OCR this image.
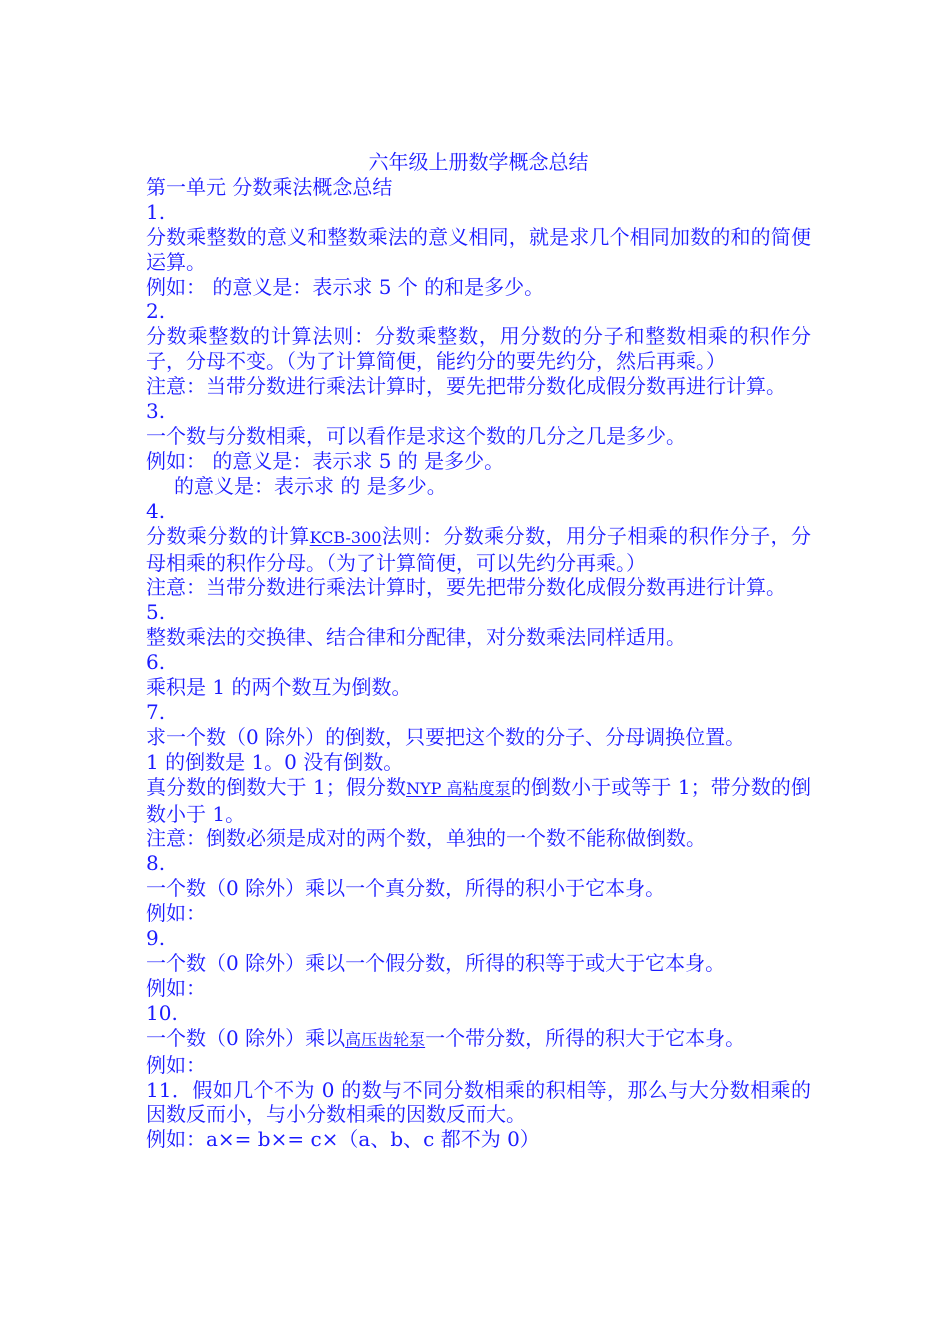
六年级上册数学概念总结
第一单元 分数乘法概念总结
1.
分数乘整数的意义和整数乘法的意义相同，就是求几个相同加数的和的简便运算。
例如： 的意义是：表示求 5 个 的和是多少。
2.
分数乘整数的计算法则：分数乘整数，用分数的分子和整数相乘的积作分子，分母不变。（为了计算简便，能约分的要先约分，然后再乘。）
注意：当带分数进行乘法计算时，要先把带分数化成假分数再进行计算。
3.
一个数与分数相乘，可以看作是求这个数的几分之几是多少。
例如： 的意义是：表示求 5 的 是多少。
的意义是：表示求 的 是多少。
4.
分数乘分数的计算KCB-300法则：分数乘分数，用分子相乘的积作分子，分母相乘的积作分母。（为了计算简便，可以先约分再乘。）
注意：当带分数进行乘法计算时，要先把带分数化成假分数再进行计算。
5.
整数乘法的交换律、结合律和分配律，对分数乘法同样适用。
6.
乘积是 1 的两个数互为倒数。
7.
求一个数（0 除外）的倒数，只要把这个数的分子、分母调换位置。
1 的倒数是 1。0 没有倒数。
真分数的倒数大于 1；假分数NYP 高粘度泵的倒数小于或等于 1；带分数的倒数小于 1。
注意：倒数必须是成对的两个数，单独的一个数不能称做倒数。
8.
一个数（0 除外）乘以一个真分数，所得的积小于它本身。
例如：
9.
一个数（0 除外）乘以一个假分数，所得的积等于或大于它本身。
例如：
10.
一个数（0 除外）乘以高压齿轮泵一个带分数，所得的积大于它本身。
例如：
11．假如几个不为 0 的数与不同分数相乘的积相等，那么与大分数相乘的因数反而小，与小分数相乘的因数反而大。
例如：a×= b×= c×（a、b、c 都不为 0）
